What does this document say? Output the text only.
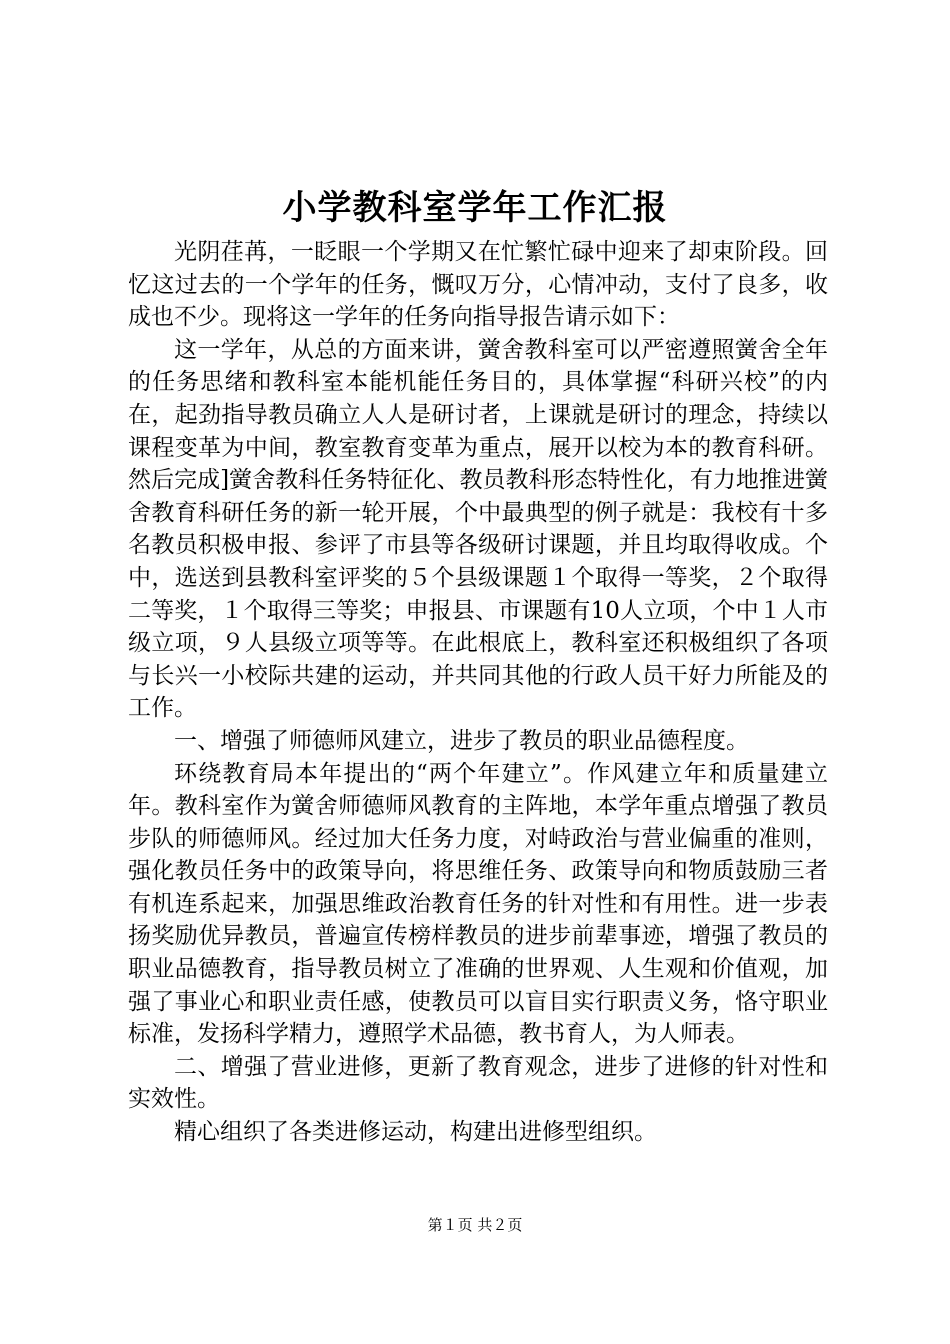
小学教科室学年工作汇报

光阴荏苒，一眨眼一个学期又在忙繁忙碌中迎来了却束阶段。回忆这过去的一个学年的任务，慨叹万分，心情冲动，支付了良多，收成也不少。现将这一学年的任务向指导报告请示如下：

这一学年，从总的方面来讲，黉舍教科室可以严密遵照黉舍全年的任务思绪和教科室本能机能任务目的，具体掌握“科研兴校”的内在，起劲指导教员确立人人是研讨者，上课就是研讨的理念，持续以课程变革为中间，教室教育变革为重点，展开以校为本的教育科研。然后完成]黉舍教科任务特征化、教员教科形态特性化，有力地推进黉舍教育科研任务的新一轮开展，个中最典型的例子就是：我校有十多名教员积极申报、参评了市县等各级研讨课题，并且均取得收成。个中，选送到县教科室评奖的５个县级课题１个取得一等奖，２个取得二等奖，１个取得三等奖；申报县、市课题有10人立项，个中１人市级立项，９人县级立项等等。在此根底上，教科室还积极组织了各项与长兴一小校际共建的运动，并共同其他的行政人员干好力所能及的工作。

一、增强了师德师风建立，进步了教员的职业品德程度。

环绕教育局本年提出的“两个年建立”。作风建立年和质量建立年。教科室作为黉舍师德师风教育的主阵地，本学年重点增强了教员步队的师德师风。经过加大任务力度，对峙政治与营业偏重的准则，强化教员任务中的政策导向，将思维任务、政策导向和物质鼓励三者有机连系起来，加强思维政治教育任务的针对性和有用性。进一步表扬奖励优异教员，普遍宣传榜样教员的进步前辈事迹，增强了教员的职业品德教育，指导教员树立了准确的世界观、人生观和价值观，加强了事业心和职业责任感，使教员可以盲目实行职责义务，恪守职业标准，发扬科学精力，遵照学术品德，教书育人，为人师表。

二、增强了营业进修，更新了教育观念，进步了进修的针对性和实效性。

精心组织了各类进修运动，构建出进修型组织。

第１页 共２页
